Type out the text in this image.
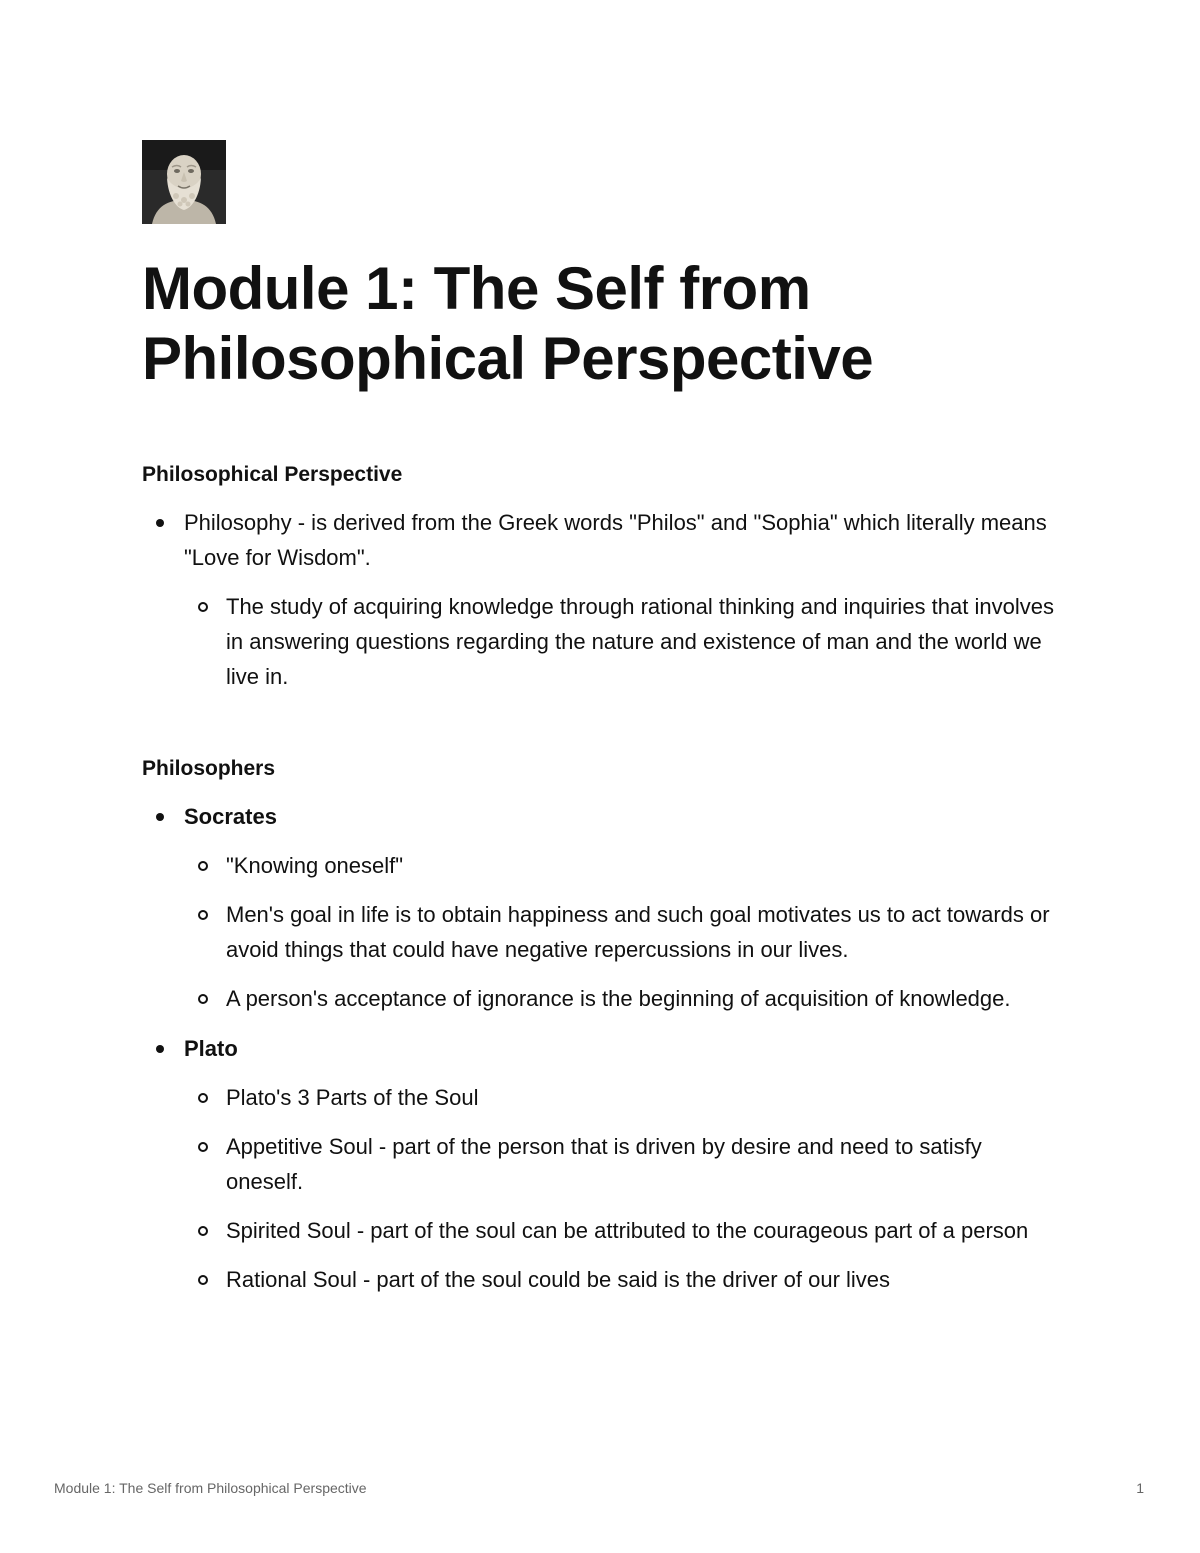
Module 1: The Self from
Philosophical Perspective
Philosophical Perspective
Philosophy - is derived from the Greek words "Philos" and "Sophia" which literally means "Love for Wisdom".
The study of acquiring knowledge through rational thinking and inquiries that involves in answering questions regarding the nature and existence of man and the world we live in.
Philosophers
Socrates
"Knowing oneself"
Men's goal in life is to obtain happiness and such goal motivates us to act towards or avoid things that could have negative repercussions in our lives.
A person's acceptance of ignorance is the beginning of acquisition of knowledge.
Plato
Plato's 3 Parts of the Soul
Appetitive Soul - part of the person that is driven by desire and need to satisfy oneself.
Spirited Soul - part of the soul can be attributed to the courageous part of a person
Rational Soul - part of the soul could be said is the driver of our lives
Module 1: The Self from Philosophical Perspective	1
